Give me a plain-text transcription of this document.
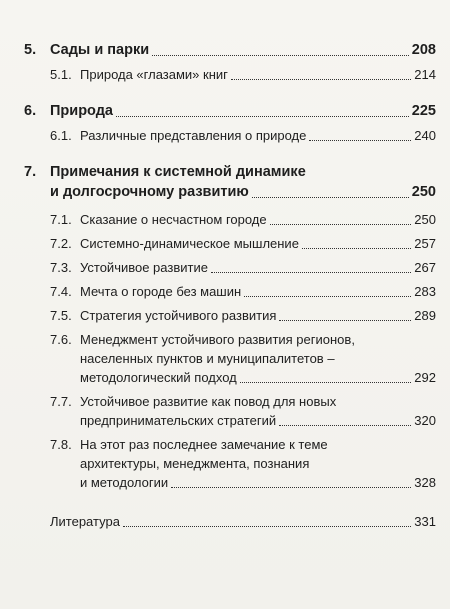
5. Сады и парки	208
5.1. Природа «глазами» книг	214
6. Природа	225
6.1. Различные представления о природе	240
7. Примечания к системной динамике
и долгосрочному развитию	250
7.1. Сказание о несчастном городе	250
7.2. Системно-динамическое мышление	257
7.3. Устойчивое развитие	267
7.4. Мечта о городе без машин	283
7.5. Стратегия устойчивого развития	289
7.6. Менеджмент устойчивого развития регионов,
населенных пунктов и муниципалитетов –
методологический подход	292
7.7. Устойчивое развитие как повод для новых
предпринимательских стратегий	320
7.8. На этот раз последнее замечание к теме
архитектуры, менеджмента, познания
и методологии	328
Литература	331
